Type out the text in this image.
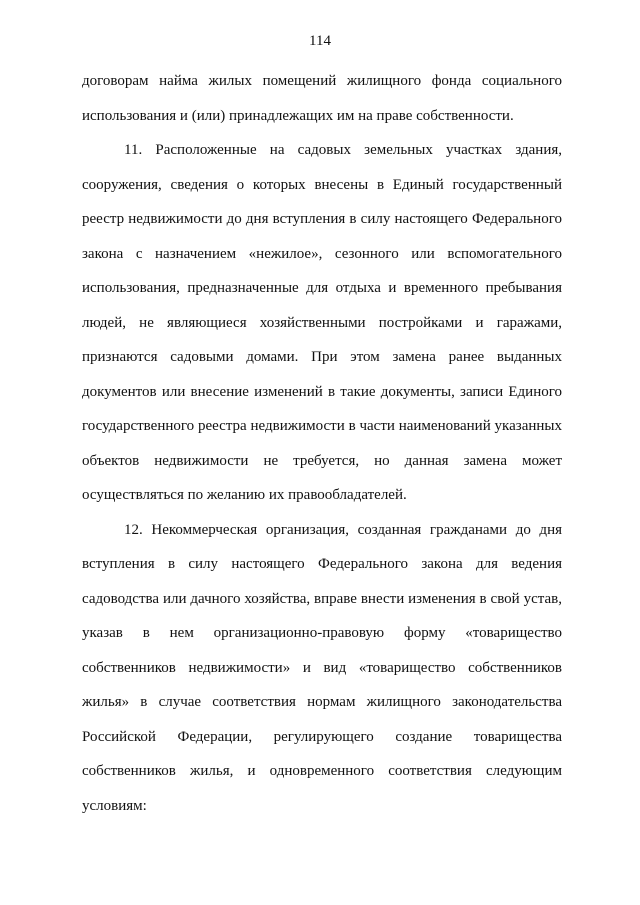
114

договорам найма жилых помещений жилищного фонда социального использования и (или) принадлежащих им на праве собственности.

11. Расположенные на садовых земельных участках здания, сооружения, сведения о которых внесены в Единый государственный реестр недвижимости до дня вступления в силу настоящего Федерального закона с назначением «нежилое», сезонного или вспомогательного использования, предназначенные для отдыха и временного пребывания людей, не являющиеся хозяйственными постройками и гаражами, признаются садовыми домами. При этом замена ранее выданных документов или внесение изменений в такие документы, записи Единого государственного реестра недвижимости в части наименований указанных объектов недвижимости не требуется, но данная замена может осуществляться по желанию их правообладателей.

12. Некоммерческая организация, созданная гражданами до дня вступления в силу настоящего Федерального закона для ведения садоводства или дачного хозяйства, вправе внести изменения в свой устав, указав в нем организационно-правовую форму «товарищество собственников недвижимости» и вид «товарищество собственников жилья» в случае соответствия нормам жилищного законодательства Российской Федерации, регулирующего создание товарищества собственников жилья, и одновременного соответствия следующим условиям:
